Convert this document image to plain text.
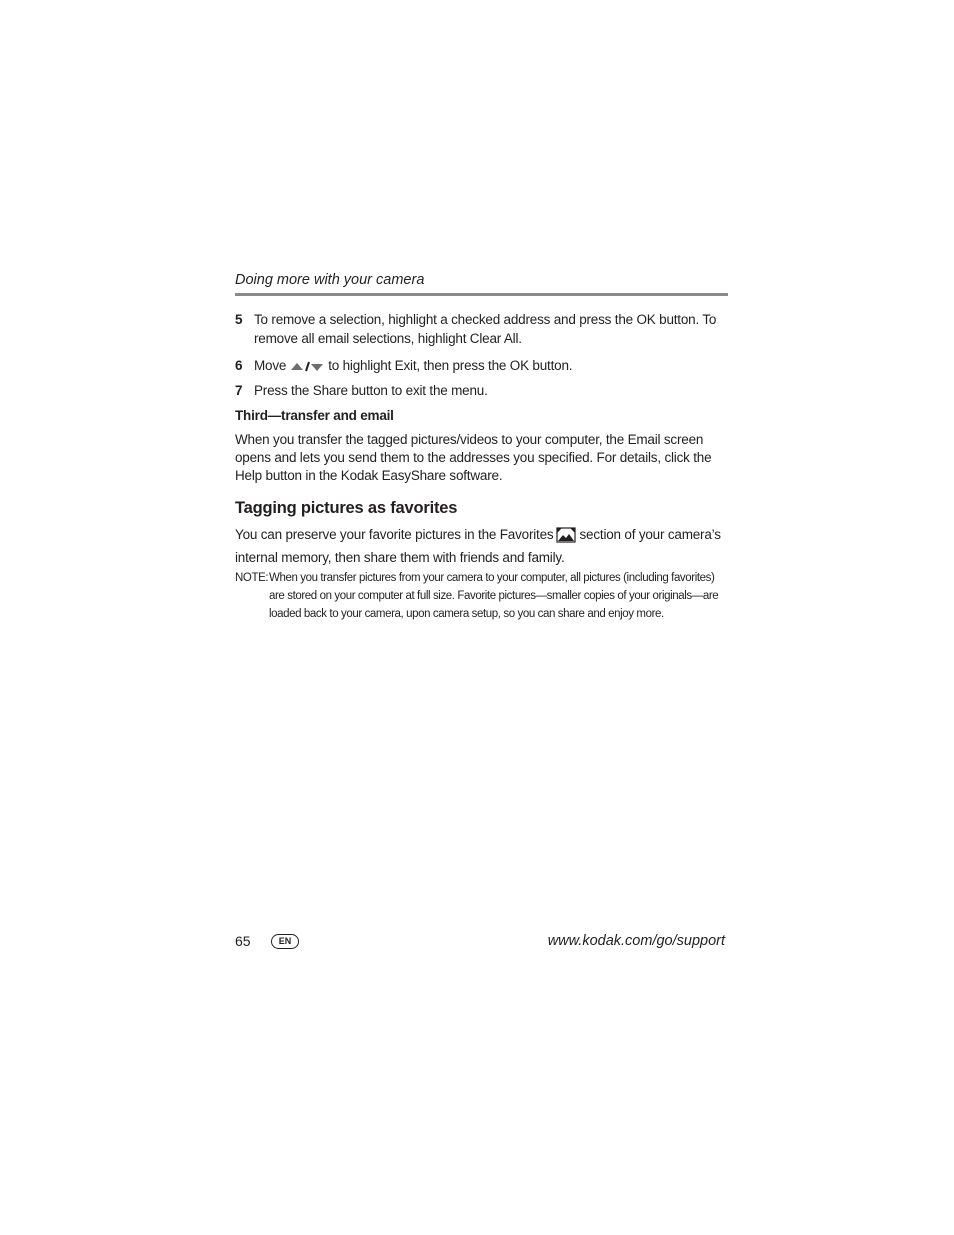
Doing more with your camera
5 To remove a selection, highlight a checked address and press the OK button. To remove all email selections, highlight Clear All.
6 Move	to highlight Exit, then press the OK button.
7 Press the Share button to exit the menu.
Third—transfer and email
When you transfer the tagged pictures/videos to your computer, the Email screen opens and lets you send them to the addresses you specified. For details, click the Help button in the Kodak EasyShare software.
Tagging pictures as favorites
You can preserve your favorite pictures in the Favorites section of your camera’s internal memory, then share them with friends and family.
NOTE: When you transfer pictures from your camera to your computer, all pictures (including favorites) are stored on your computer at full size. Favorite pictures—smaller copies of your originals—are loaded back to your camera, upon camera setup, so you can share and enjoy more.
65	EN	www.kodak.com/go/support
